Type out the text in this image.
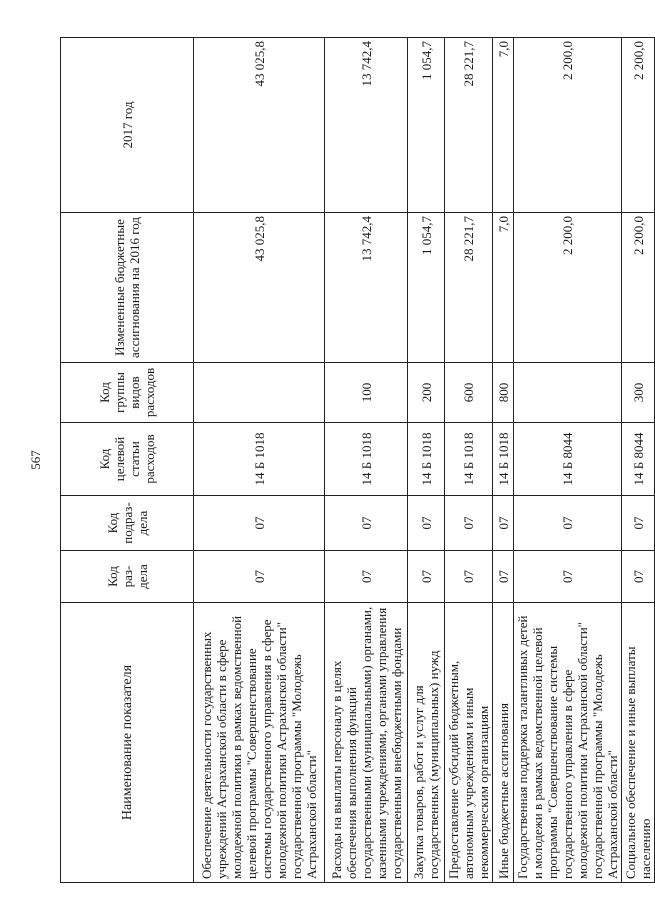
567
Наименование показателя	Код раз-дела	Код подраз-дела	Код целевой статьи расходов	Код группы видов расходов	Измененные бюджетные ассигнования на 2016 год	2017 год
Обеспечение деятельности государственных учреждений Астраханской области в сфере молодежной политики в рамках ведомственной целевой программы "Совершенствование системы государственного управления в сфере молодежной политики Астраханской области" государственной программы "Молодежь Астраханской области"	07	07	14 Б 1018		43 025,8	43 025,8
Расходы на выплаты персоналу в целях обеспечения выполнения функций государственными (муниципальными) органами, казенными учреждениями, органами управления государственными внебюджетными фондами	07	07	14 Б 1018	100	13 742,4	13 742,4
Закупка товаров, работ и услуг для государственных (муниципальных) нужд	07	07	14 Б 1018	200	1 054,7	1 054,7
Предоставление субсидий бюджетным, автономным учреждениям и иным некоммерческим организациям	07	07	14 Б 1018	600	28 221,7	28 221,7
Иные бюджетные ассигнования	07	07	14 Б 1018	800	7,0	7,0
Государственная поддержка талантливых детей и молодежи в рамках ведомственной целевой программы "Совершенствование системы государственного управления в сфере молодежной политики Астраханской области" государственной программы "Молодежь Астраханской области"	07	07	14 Б 8044		2 200,0	2 200,0
Социальное обеспечение и иные выплаты населению	07	07	14 Б 8044	300	2 200,0	2 200,0
